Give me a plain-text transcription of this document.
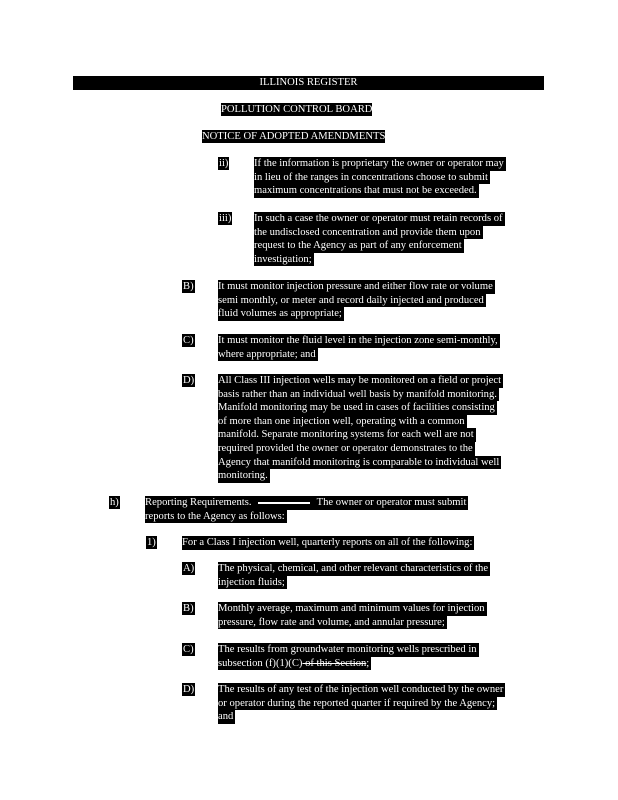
ILLINOIS REGISTER
POLLUTION CONTROL BOARD
NOTICE OF ADOPTED AMENDMENTS
ii) If the information is proprietary the owner or operator may
in lieu of the ranges in concentrations choose to submit
maximum concentrations that must not be exceeded.
iii) In such a case the owner or operator must retain records of
the undisclosed concentration and provide them upon
request to the Agency as part of any enforcement
investigation;
B) It must monitor injection pressure and either flow rate or volume
semi monthly, or meter and record daily injected and produced
fluid volumes as appropriate;
C) It must monitor the fluid level in the injection zone semi-monthly,
where appropriate; and
D) All Class III injection wells may be monitored on a field or project
basis rather than an individual well basis by manifold monitoring.
Manifold monitoring may be used in cases of facilities consisting
of more than one injection well, operating with a common
manifold. Separate monitoring systems for each well are not
required provided the owner or operator demonstrates to the
Agency that manifold monitoring is comparable to individual well
monitoring.
h) Reporting Requirements.	The owner or operator must submit
reports to the Agency as follows:
1) For a Class I injection well, quarterly reports on all of the following:
A) The physical, chemical, and other relevant characteristics of the
injection fluids;
B) Monthly average, maximum and minimum values for injection
pressure, flow rate and volume, and annular pressure;
C) The results from groundwater monitoring wells prescribed in
subsection (f)(1)(C) of this Section;
D) The results of any test of the injection well conducted by the owner
or operator during the reported quarter if required by the Agency;
and
